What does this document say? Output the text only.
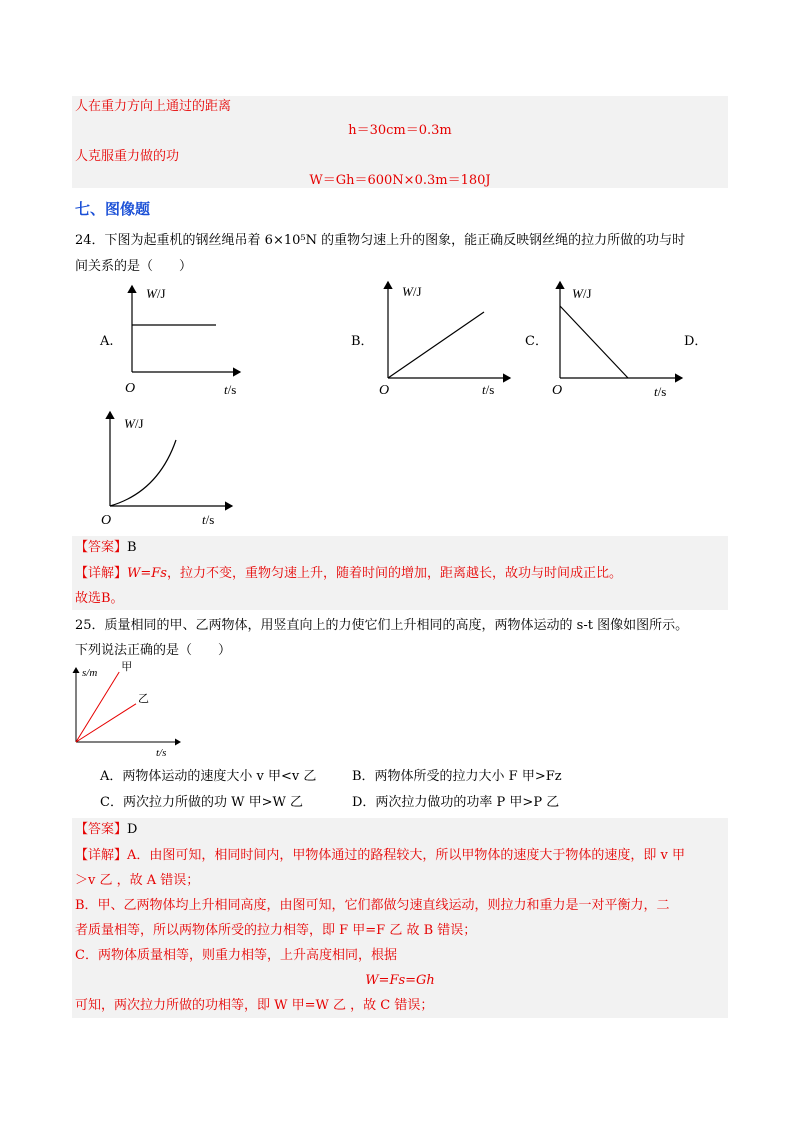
人在重力方向上通过的距离
h＝30cm＝0.3m
人克服重力做的功
W＝Gh＝600N×0.3m＝180J
七、图像题
24．下图为起重机的钢丝绳吊着 6×10⁵N 的重物匀速上升的图象，能正确反映钢丝绳的拉力所做的功与时
间关系的是（　　）
A.	B．	C．	D．
W/J
O	t/s
W/J
O	t/s
W/J
O	t/s
W/J
O	t/s
【答案】B
【详解】W=Fs，拉力不变，重物匀速上升，随着时间的增加，距离越长，故功与时间成正比。
故选B。
25．质量相同的甲、乙两物体，用竖直向上的力使它们上升相同的高度，两物体运动的 s-t 图像如图所示。
下列说法正确的是（　　）
甲
乙
s/m
t/s
A．两物体运动的速度大小 v 甲<v 乙	B．两物体所受的拉力大小 F 甲>Fz
C．两次拉力所做的功 W 甲>W 乙	D．两次拉力做功的功率 P 甲>P 乙
【答案】D
【详解】A．由图可知，相同时间内，甲物体通过的路程较大，所以甲物体的速度大于物体的速度，即 v 甲
＞v 乙 ，故 A 错误；
B．甲、乙两物体均上升相同高度，由图可知，它们都做匀速直线运动，则拉力和重力是一对平衡力，二
者质量相等，所以两物体所受的拉力相等，即 F 甲=F 乙 故 B 错误；
C．两物体质量相等，则重力相等，上升高度相同，根据
W=Fs=Gh
可知，两次拉力所做的功相等，即 W 甲=W 乙 ，故 C 错误；
